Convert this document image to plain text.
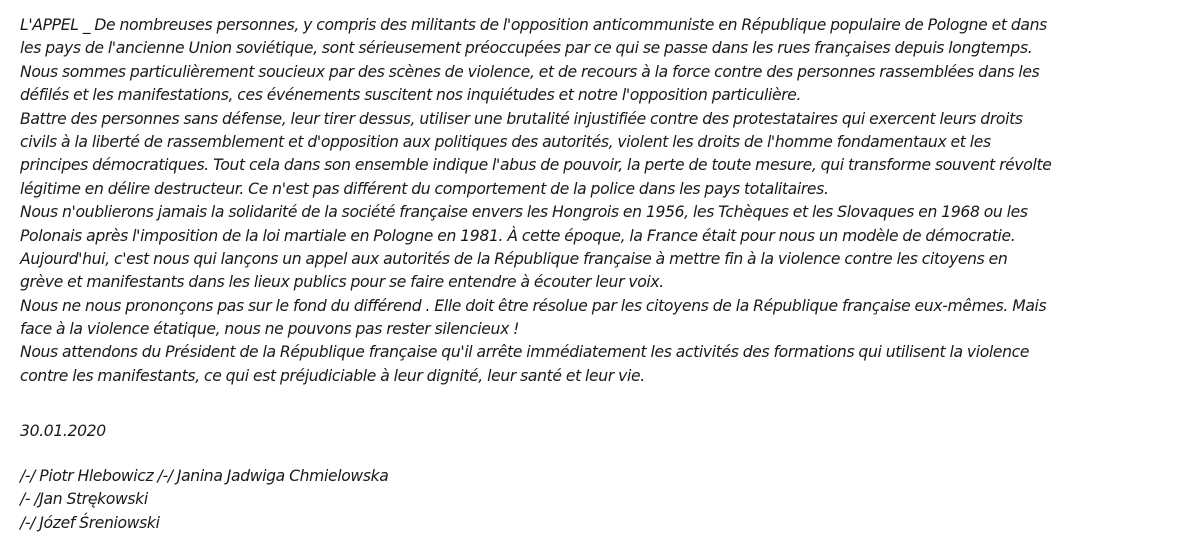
L'APPEL _ De nombreuses personnes, y compris des militants de l'opposition anticommuniste en République populaire de Pologne et dans
les pays de l'ancienne Union soviétique, sont sérieusement préoccupées par ce qui se passe dans les rues françaises depuis longtemps.
Nous sommes particulièrement soucieux par des scènes de violence, et de recours à la force contre des personnes rassemblées dans les
défilés et les manifestations, ces événements suscitent nos inquiétudes et notre l'opposition particulière.
Battre des personnes sans défense, leur tirer dessus, utiliser une brutalité injustifiée contre des protestataires qui exercent leurs droits
civils à la liberté de rassemblement et d'opposition aux politiques des autorités, violent les droits de l'homme fondamentaux et les
principes démocratiques. Tout cela dans son ensemble indique l'abus de pouvoir, la perte de toute mesure, qui transforme souvent révolte
légitime en délire destructeur. Ce n'est pas différent du comportement de la police dans les pays totalitaires.
Nous n'oublierons jamais la solidarité de la société française envers les Hongrois en 1956, les Tchèques et les Slovaques en 1968 ou les
Polonais après l'imposition de la loi martiale en Pologne en 1981. À cette époque, la France était pour nous un modèle de démocratie.
Aujourd'hui, c'est nous qui lançons un appel aux autorités de la République française à mettre fin à la violence contre les citoyens en
grève et manifestants dans les lieux publics pour se faire entendre à écouter leur voix.
Nous ne nous prononçons pas sur le fond du différend . Elle doit être résolue par les citoyens de la République française eux-mêmes. Mais
face à la violence étatique, nous ne pouvons pas rester silencieux !
Nous attendons du Président de la République française qu'il arrête immédiatement les activités des formations qui utilisent la violence
contre les manifestants, ce qui est préjudiciable à leur dignité, leur santé et leur vie.
30.01.2020
/-/ Piotr Hlebowicz /-/ Janina Jadwiga Chmielowska
/- /Jan Strękowski
/-/ Józef Śreniowski
